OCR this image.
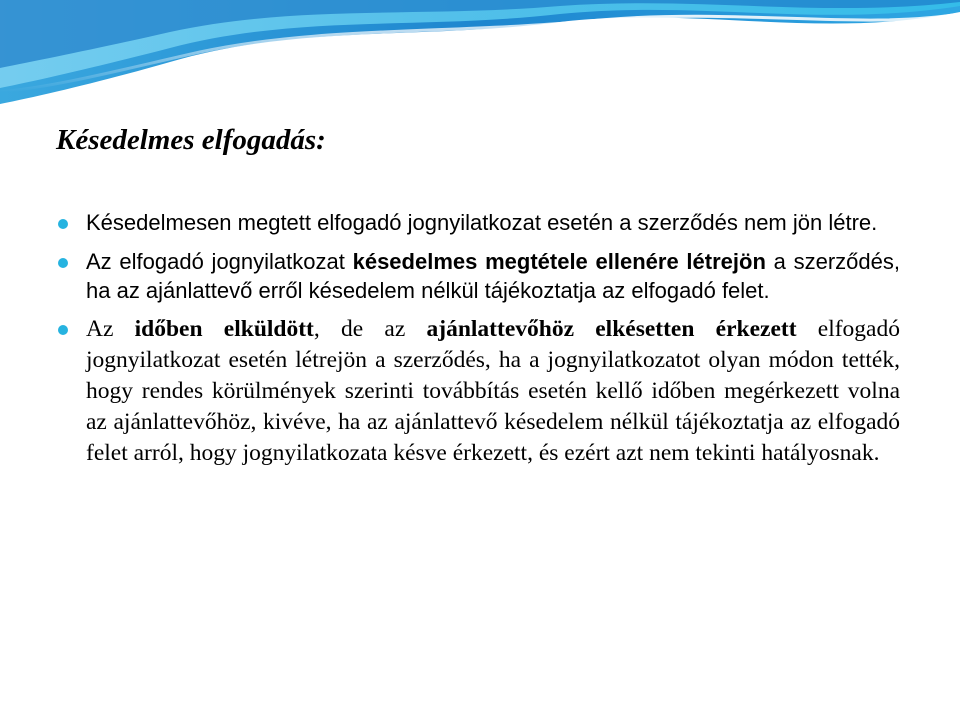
Késedelmes elfogadás:
Késedelmesen megtett elfogadó jognyilatkozat esetén a szerződés nem jön létre.
Az elfogadó jognyilatkozat késedelmes megtétele ellenére létrejön a szerződés, ha az ajánlattevő erről késedelem nélkül tájékoztatja az elfogadó felet.
Az időben elküldött, de az ajánlattevőhöz elkésetten érkezett elfogadó jognyilatkozat esetén létrejön a szerződés, ha a jognyilatkozatot olyan módon tették, hogy rendes körülmények szerinti továbbítás esetén kellő időben megérkezett volna az ajánlattevőhöz, kivéve, ha az ajánlattevő késedelem nélkül tájékoztatja az elfogadó felet arról, hogy jognyilatkozata késve érkezett, és ezért azt nem tekinti hatályosnak.
